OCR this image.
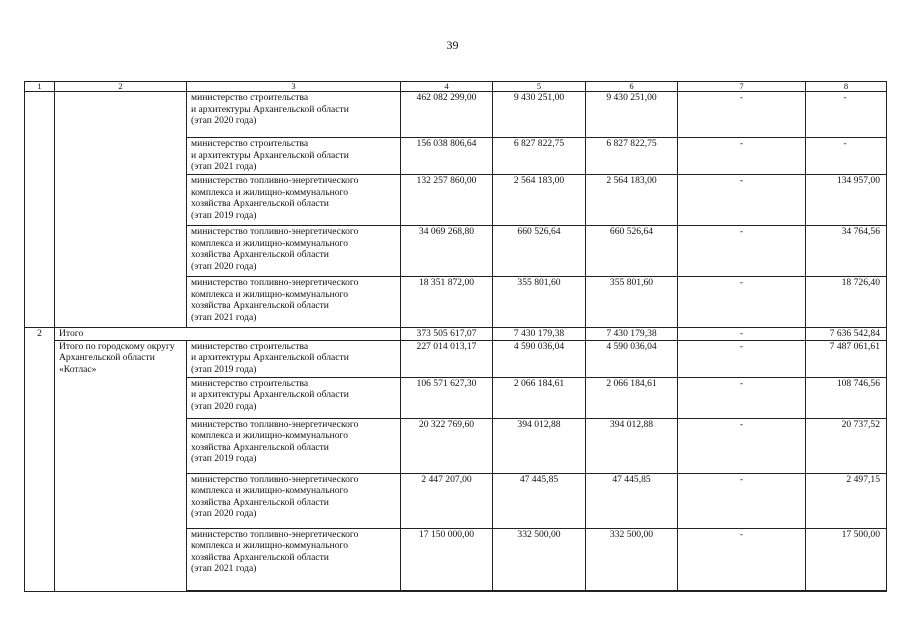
39
1	2	3	4	5	6	7	8
		министерство строительства
и архитектуры Архангельской области
(этап 2020 года)	462 082 299,00	9 430 251,00	9 430 251,00	-	-
		министерство строительства
и архитектуры Архангельской области
(этап 2021 года)	156 038 806,64	6 827 822,75	6 827 822,75	-	-
		министерство топливно-энергетического
комплекса и жилищно-коммунального
хозяйства Архангельской области
(этап 2019 года)	132 257 860,00	2 564 183,00	2 564 183,00	-	134 957,00
		министерство топливно-энергетического
комплекса и жилищно-коммунального
хозяйства Архангельской области
(этап 2020 года)	34 069 268,80	660 526,64	660 526,64	-	34 764,56
		министерство топливно-энергетического
комплекса и жилищно-коммунального
хозяйства Архангельской области
(этап 2021 года)	18 351 872,00	355 801,60	355 801,60	-	18 726,40
2	Итого		373 505 617,07	7 430 179,38	7 430 179,38	-	7 636 542,84
	Итого по городскому округу Архангельской области «Котлас»	министерство строительства
и архитектуры Архангельской области
(этап 2019 года)	227 014 013,17	4 590 036,04	4 590 036,04	-	7 487 061,61
		министерство строительства
и архитектуры Архангельской области
(этап 2020 года)	106 571 627,30	2 066 184,61	2 066 184,61	-	108 746,56
		министерство топливно-энергетического
комплекса и жилищно-коммунального
хозяйства Архангельской области
(этап 2019 года)	20 322 769,60	394 012,88	394 012,88	-	20 737,52
		министерство топливно-энергетического
комплекса и жилищно-коммунального
хозяйства Архангельской области
(этап 2020 года)	2 447 207,00	47 445,85	47 445,85	-	2 497,15
		министерство топливно-энергетического
комплекса и жилищно-коммунального
хозяйства Архангельской области
(этап 2021 года)	17 150 000,00	332 500,00	332 500,00	-	17 500,00
